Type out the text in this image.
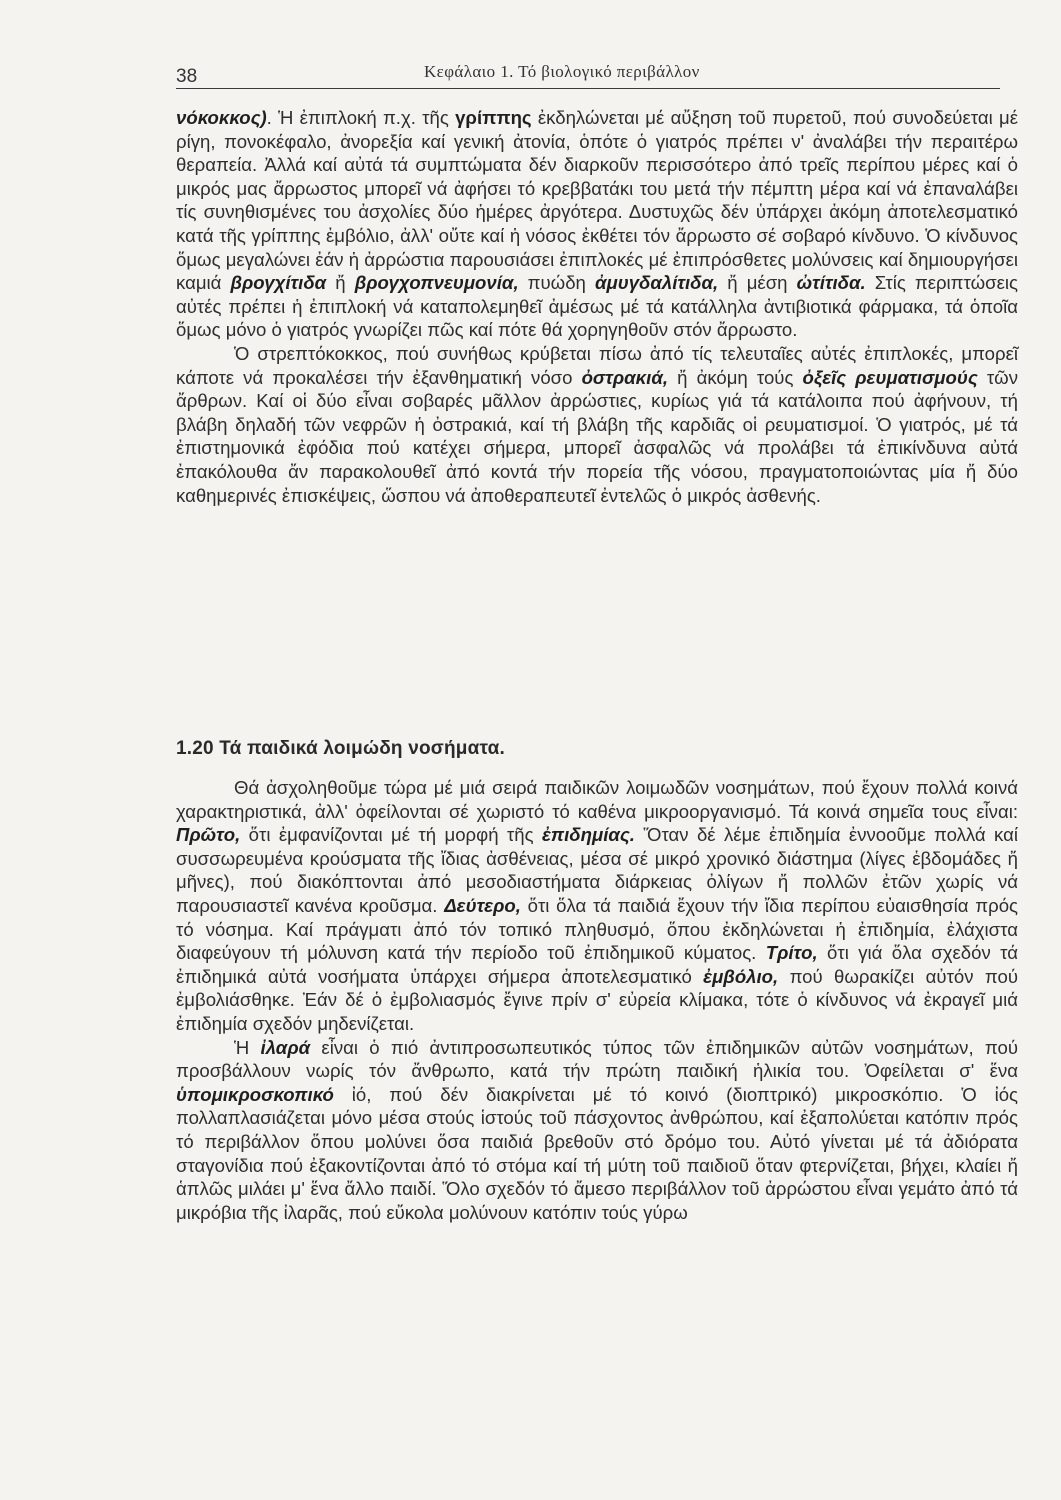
38	Κεφάλαιο 1. Τό βιολογικό περιβάλλον

νόκοκκος). Ἡ ἐπιπλοκή π.χ. τῆς γρίππης ἐκδηλώνεται μέ αὔξηση τοῦ πυρετοῦ, πού συνοδεύεται μέ ρίγη, πονοκέφαλο, ἀνορεξία καί γενική ἀτονία, ὁπότε ὁ γιατρός πρέπει ν' ἀναλάβει τήν περαιτέρω θεραπεία. Ἀλλά καί αὐτά τά συμπτώματα δέν διαρκοῦν περισσότερο ἀπό τρεῖς περίπου μέρες καί ὁ μικρός μας ἄρρωστος μπορεῖ νά ἀφήσει τό κρεββατάκι του μετά τήν πέμπτη μέρα καί νά ἐπαναλάβει τίς συνηθισμένες του ἀσχολίες δύο ἡμέρες ἀργότερα. Δυστυχῶς δέν ὑπάρχει ἀκόμη ἀποτελεσματικό κατά τῆς γρίππης ἐμβόλιο, ἀλλ' οὔτε καί ἡ νόσος ἐκθέτει τόν ἄρρωστο σέ σοβαρό κίνδυνο. Ὁ κίνδυνος ὅμως μεγαλώνει ἐάν ἡ ἀρρώστια παρουσιάσει ἐπιπλοκές μέ ἐπιπρόσθετες μολύνσεις καί δημιουργήσει καμιά βρογχίτιδα ἤ βρογχοπνευμονία, πυώδη ἀμυγδαλίτιδα, ἤ μέση ὠτίτιδα. Στίς περιπτώσεις αὐτές πρέπει ἡ ἐπιπλοκή νά καταπολεμηθεῖ ἀμέσως μέ τά κατάλληλα ἀντιβιοτικά φάρμακα, τά ὁποῖα ὅμως μόνο ὁ γιατρός γνωρίζει πῶς καί πότε θά χορηγηθοῦν στόν ἄρρωστο.

Ὁ στρεπτόκοκκος, πού συνήθως κρύβεται πίσω ἀπό τίς τελευταῖες αὐτές ἐπιπλοκές, μπορεῖ κάποτε νά προκαλέσει τήν ἐξανθηματική νόσο ὀστρακιά, ἤ ἀκόμη τούς ὀξεῖς ρευματισμούς τῶν ἄρθρων. Καί οἱ δύο εἶναι σοβαρές μᾶλλον ἀρρώστιες, κυρίως γιά τά κατάλοιπα πού ἀφήνουν, τή βλάβη δηλαδή τῶν νεφρῶν ἡ ὀστρακιά, καί τή βλάβη τῆς καρδιᾶς οἱ ρευματισμοί. Ὁ γιατρός, μέ τά ἐπιστημονικά ἐφόδια πού κατέχει σήμερα, μπορεῖ ἀσφαλῶς νά προλάβει τά ἐπικίνδυνα αὐτά ἐπακόλουθα ἄν παρακολουθεῖ ἀπό κοντά τήν πορεία τῆς νόσου, πραγματοποιώντας μία ἤ δύο καθημερινές ἐπισκέψεις, ὥσπου νά ἀποθεραπευτεῖ ἐντελῶς ὁ μικρός ἀσθενής.

1.20 Τά παιδικά λοιμώδη νοσήματα.

Θά ἀσχοληθοῦμε τώρα μέ μιά σειρά παιδικῶν λοιμωδῶν νοσημάτων, πού ἔχουν πολλά κοινά χαρακτηριστικά, ἀλλ' ὀφείλονται σέ χωριστό τό καθένα μικροοργανισμό. Τά κοινά σημεῖα τους εἶναι: Πρῶτο, ὅτι ἐμφανίζονται μέ τή μορφή τῆς ἐπιδημίας. Ὅταν δέ λέμε ἐπιδημία ἐννοοῦμε πολλά καί συσσωρευμένα κρούσματα τῆς ἴδιας ἀσθένειας, μέσα σέ μικρό χρονικό διάστημα (λίγες ἑβδομάδες ἤ μῆνες), πού διακόπτονται ἀπό μεσοδιαστήματα διάρκειας ὀλίγων ἤ πολλῶν ἐτῶν χωρίς νά παρουσιαστεῖ κανένα κροῦσμα. Δεύτερο, ὅτι ὅλα τά παιδιά ἔχουν τήν ἴδια περίπου εὐαισθησία πρός τό νόσημα. Καί πράγματι ἀπό τόν τοπικό πληθυσμό, ὅπου ἐκδηλώνεται ἡ ἐπιδημία, ἐλάχιστα διαφεύγουν τή μόλυνση κατά τήν περίοδο τοῦ ἐπιδημικοῦ κύματος. Τρίτο, ὅτι γιά ὅλα σχεδόν τά ἐπιδημικά αὐτά νοσήματα ὑπάρχει σήμερα ἀποτελεσματικό ἐμβόλιο, πού θωρακίζει αὐτόν πού ἐμβολιάσθηκε. Ἐάν δέ ὁ ἐμβολιασμός ἔγινε πρίν σ' εὐρεία κλίμακα, τότε ὁ κίνδυνος νά ἐκραγεῖ μιά ἐπιδημία σχεδόν μηδενίζεται.

Ἡ ἰλαρά εἶναι ὁ πιό ἀντιπροσωπευτικός τύπος τῶν ἐπιδημικῶν αὐτῶν νοσημάτων, πού προσβάλλουν νωρίς τόν ἄνθρωπο, κατά τήν πρώτη παιδική ἡλικία του. Ὀφείλεται σ' ἕνα ὑπομικροσκοπικό ἰό, πού δέν διακρίνεται μέ τό κοινό (διοπτρικό) μικροσκόπιο. Ὁ ἰός πολλαπλασιάζεται μόνο μέσα στούς ἱστούς τοῦ πάσχοντος ἀνθρώπου, καί ἐξαπολύεται κατόπιν πρός τό περιβάλλον ὅπου μολύνει ὅσα παιδιά βρεθοῦν στό δρόμο του. Αὐτό γίνεται μέ τά ἀδιόρατα σταγονίδια πού ἐξακοντίζονται ἀπό τό στόμα καί τή μύτη τοῦ παιδιοῦ ὅταν φτερνίζεται, βήχει, κλαίει ἤ ἁπλῶς μιλάει μ' ἕνα ἄλλο παιδί. Ὅλο σχεδόν τό ἄμεσο περιβάλλον τοῦ ἀρρώστου εἶναι γεμάτο ἀπό τά μικρόβια τῆς ἰλαρᾶς, πού εὔκολα μολύνουν κατόπιν τούς γύρω
